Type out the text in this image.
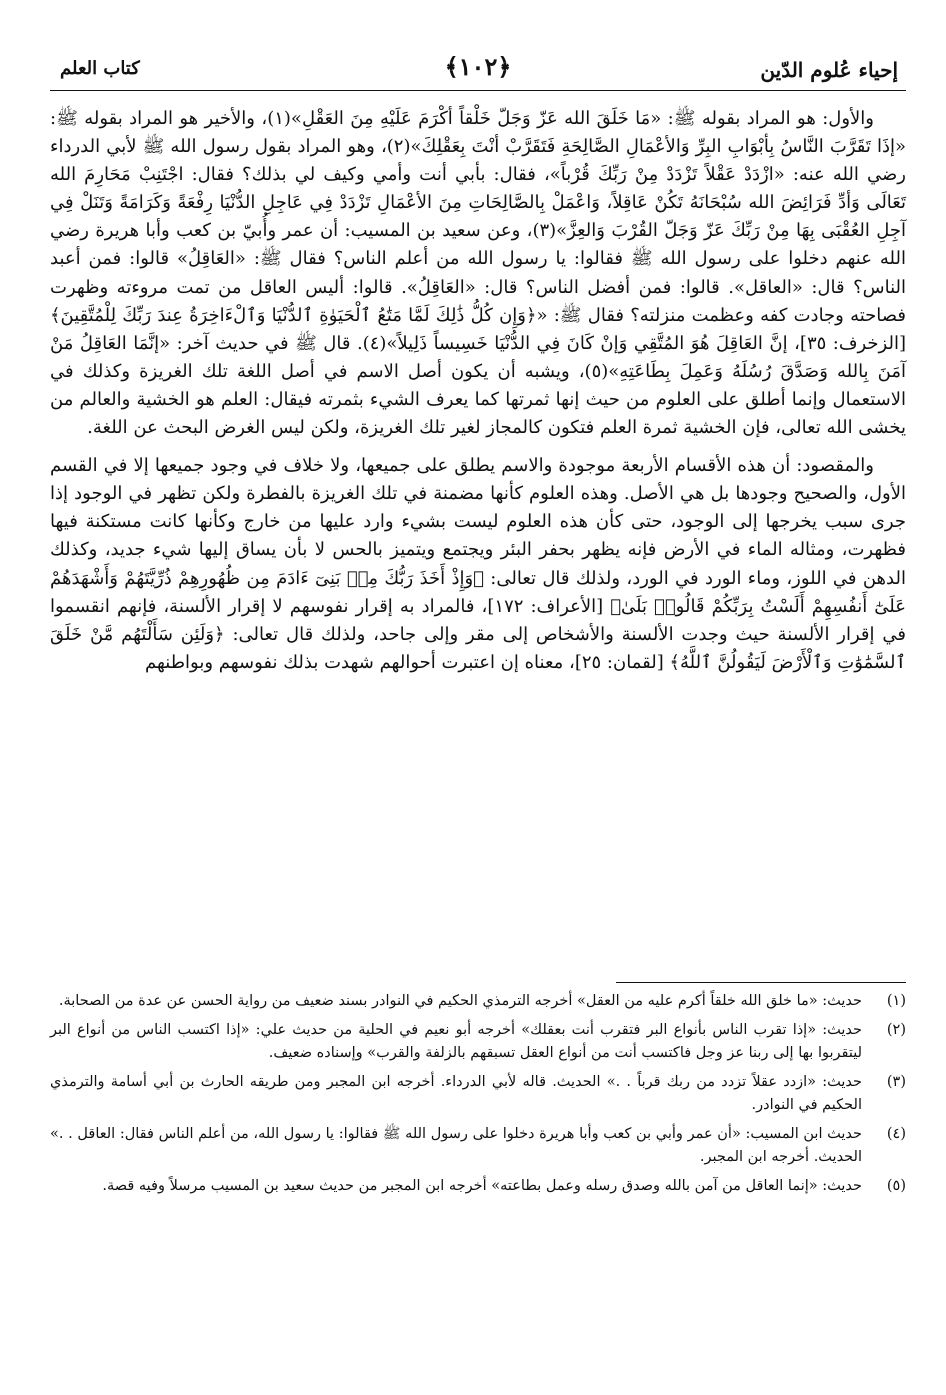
إحياء عُلوم الدّين
﴿١٠٢﴾
كتاب العلم

والأول: هو المراد بقوله ﷺ: «مَا خَلَقَ الله عَزّ وَجَلّ خَلْقاً أكْرَمَ عَلَيْهِ مِنَ العَقْلِ»(١)، والأخير هو المراد بقوله ﷺ: «إذَا تَقَرَّبَ النَّاسُ بِأبْوَابِ البِرِّ وَالأعْمَالِ الصَّالِحَةِ فَتَقَرَّبْ أنْتَ بِعَقْلِكَ»(٢)، وهو المراد بقول رسول الله ﷺ لأبي الدرداء رضي الله عنه: «ازْدَدْ عَقْلاً تَزْدَدْ مِنْ رَبِّكَ قُرْباً»، فقال: بأبي أنت وأمي وكيف لي بذلك؟ فقال: اجْتَنِبْ مَحَارِمَ الله تَعَالَى وَأدِّ فَرَائِضَ الله سُبْحَانَهُ تَكُنْ عَاقِلاً، وَاعْمَلْ بِالصَّالِحَاتِ مِنَ الأعْمَالِ تَزْدَدْ فِي عَاجِلِ الدُّنْيَا رِفْعَةً وَكَرَامَةً وَتَنَلْ فِي آجِلِ العُقْبَى بِهَا مِنْ رَبِّكَ عَزّ وَجَلّ القُرْبَ وَالعِزَّ»(٣)، وعن سعيد بن المسيب: أن عمر وأُبيّ بن كعب وأبا هريرة رضي الله عنهم دخلوا على رسول الله ﷺ فقالوا: يا رسول الله من أعلم الناس؟ فقال ﷺ: «العَاقِلُ» قالوا: فمن أعبد الناس؟ قال: «العاقل». قالوا: فمن أفضل الناس؟ قال: «العَاقِلُ». قالوا: أليس العاقل من تمت مروءته وظهرت فصاحته وجادت كفه وعظمت منزلته؟ فقال ﷺ: «﴿وَإِن كُلُّ ذَٰلِكَ لَمَّا مَتَٰعُ ٱلْحَيَوٰةِ ٱلدُّنْيَا وَٱلْءَاخِرَةُ عِندَ رَبِّكَ لِلْمُتَّقِينَ﴾ [الزخرف: ٣٥]، إنَّ العَاقِلَ هُوَ المُتَّقِي وَإنْ كَانَ فِي الدُّنْيَا خَسِيساً ذَلِيلاً»(٤). قال ﷺ في حديث آخر: «إنَّمَا العَاقِلُ مَنْ آمَنَ بِالله وَصَدَّقَ رُسُلَهُ وَعَمِلَ بِطَاعَتِهِ»(٥)، ويشبه أن يكون أصل الاسم في أصل اللغة تلك الغريزة وكذلك في الاستعمال وإنما أطلق على العلوم من حيث إنها ثمرتها كما يعرف الشيء بثمرته فيقال: العلم هو الخشية والعالم من يخشى الله تعالى، فإن الخشية ثمرة العلم فتكون كالمجاز لغير تلك الغريزة، ولكن ليس الغرض البحث عن اللغة.

والمقصود: أن هذه الأقسام الأربعة موجودة والاسم يطلق على جميعها، ولا خلاف في وجود جميعها إلا في القسم الأول، والصحيح وجودها بل هي الأصل. وهذه العلوم كأنها مضمنة في تلك الغريزة بالفطرة ولكن تظهر في الوجود إذا جرى سبب يخرجها إلى الوجود، حتى كأن هذه العلوم ليست بشيء وارد عليها من خارج وكأنها كانت مستكنة فيها فظهرت، ومثاله الماء في الأرض فإنه يظهر بحفر البئر ويجتمع ويتميز بالحس لا بأن يساق إليها شيء جديد، وكذلك الدهن في اللوز، وماء الورد في الورد، ولذلك قال تعالى: ﴿وَإِذْ أَخَذَ رَبُّكَ مِنۢ بَنِىٓ ءَادَمَ مِن ظُهُورِهِمْ ذُرِّيَّتَهُمْ وَأَشْهَدَهُمْ عَلَىٰٓ أَنفُسِهِمْ أَلَسْتُ بِرَبِّكُمْ قَالُوا۟ بَلَىٰ﴾ [الأعراف: ١٧٢]، فالمراد به إقرار نفوسهم لا إقرار الألسنة، فإنهم انقسموا في إقرار الألسنة حيث وجدت الألسنة والأشخاص إلى مقر وإلى جاحد، ولذلك قال تعالى: ﴿وَلَئِن سَأَلْتَهُم مَّنْ خَلَقَ ٱلسَّمَٰوَٰتِ وَٱلْأَرْضَ لَيَقُولُنَّ ٱللَّهُ﴾ [لقمان: ٢٥]، معناه إن اعتبرت أحوالهم شهدت بذلك نفوسهم وبواطنهم

(١)
حديث: «ما خلق الله خلقاً أكرم عليه من العقل» أخرجه الترمذي الحكيم في النوادر بسند ضعيف من رواية الحسن عن عدة من الصحابة.
(٢)
حديث: «إذا تقرب الناس بأنواع البر فتقرب أنت بعقلك» أخرجه أبو نعيم في الحلية من حديث علي: «إذا اكتسب الناس من أنواع البر ليتقربوا بها إلى ربنا عز وجل فاكتسب أنت من أنواع العقل تسبقهم بالزلفة والقرب» وإسناده ضعيف.
(٣)
حديث: «ازدد عقلاً تزدد من ربك قرباً . .» الحديث. قاله لأبي الدرداء. أخرجه ابن المجبر ومن طريقه الحارث بن أبي أسامة والترمذي الحكيم في النوادر.
(٤)
حديث ابن المسيب: «أن عمر وأبي بن كعب وأبا هريرة دخلوا على رسول الله ﷺ فقالوا: يا رسول الله، من أعلم الناس فقال: العاقل . .» الحديث. أخرجه ابن المجبر.
(٥)
حديث: «إنما العاقل من آمن بالله وصدق رسله وعمل بطاعته» أخرجه ابن المجبر من حديث سعيد بن المسيب مرسلاً وفيه قصة.
